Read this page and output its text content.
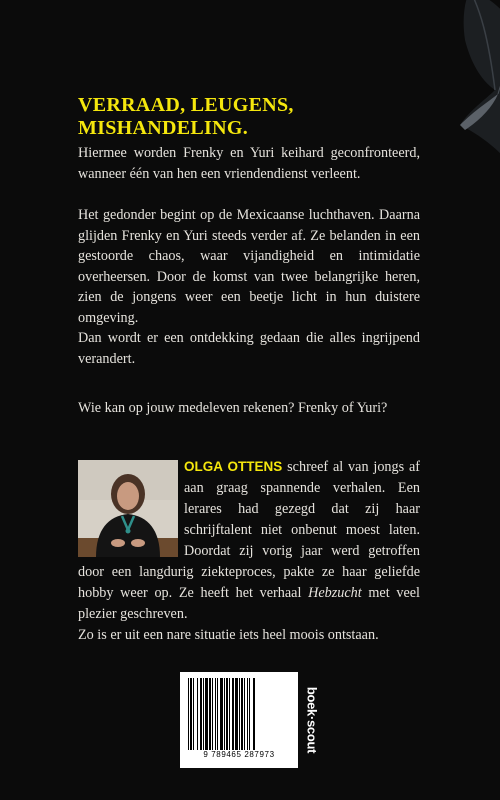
VERRAAD, LEUGENS, MISHANDELING.

Hiermee worden Frenky en Yuri keihard geconfronteerd, wanneer één van hen een vriendendienst verleent.

Het gedonder begint op de Mexicaanse luchthaven. Daarna glijden Frenky en Yuri steeds verder af. Ze belanden in een gestoorde chaos, waar vijandigheid en intimidatie overheersen. Door de komst van twee belangrijke heren, zien de jongens weer een beetje licht in hun duistere omgeving.
Dan wordt er een ontdekking gedaan die alles ingrijpend verandert.

Wie kan op jouw medeleven rekenen? Frenky of Yuri?

OLGA OTTENS schreef al van jongs af aan graag spannende verhalen. Een lerares had gezegd dat zij haar schrijftalent niet onbenut moest laten. Doordat zij vorig jaar werd getroffen door een langdurig ziekteproces, pakte ze haar geliefde hobby weer op. Ze heeft het verhaal Hebzucht met veel plezier geschreven.
Zo is er uit een nare situatie iets heel moois ontstaan.

9 789465 287973
boek·scout
